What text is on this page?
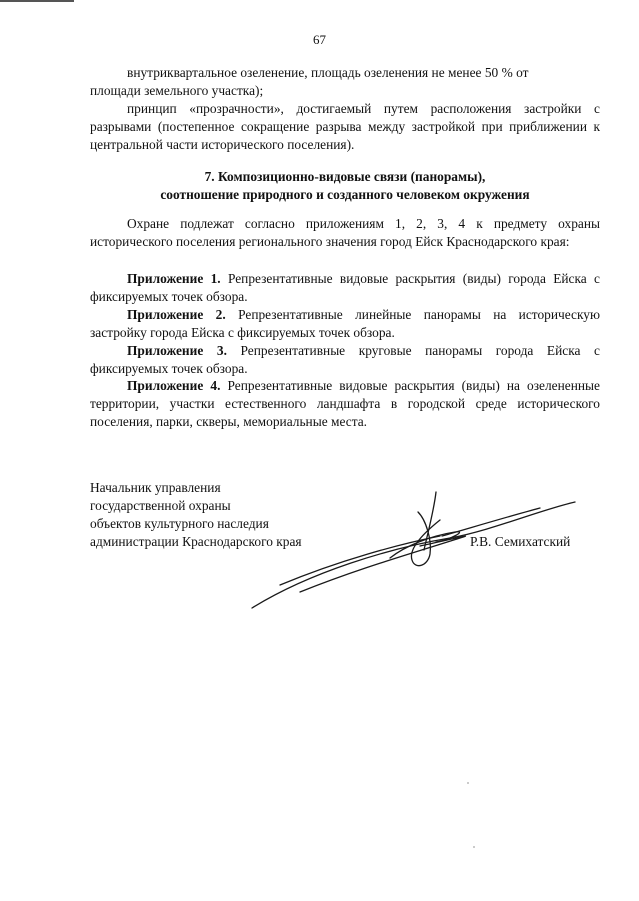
67

внутриквартальное озеленение, площадь озеленения не менее 50 % от
площади земельного участка);

принцип «прозрачности», достигаемый путем расположения застройки с разрывами (постепенное сокращение разрыва между застройкой при приближении к центральной части исторического поселения).

7. Композиционно-видовые связи (панорамы),
соотношение природного и созданного человеком окружения

Охране подлежат согласно приложениям 1, 2, 3, 4 к предмету охраны исторического поселения регионального значения город Ейск Краснодарского края:

Приложение 1. Репрезентативные видовые раскрытия (виды) города Ейска с фиксируемых точек обзора.

Приложение 2. Репрезентативные линейные панорамы на историческую застройку города Ейска с фиксируемых точек обзора.

Приложение 3. Репрезентативные круговые панорамы города Ейска с фиксируемых точек обзора.

Приложение 4. Репрезентативные видовые раскрытия (виды) на озелененные территории, участки естественного ландшафта в городской среде исторического поселения, парки, скверы, мемориальные места.

Начальник управления
государственной охраны
объектов культурного наследия
администрации Краснодарского края	Р.В. Семихатский
